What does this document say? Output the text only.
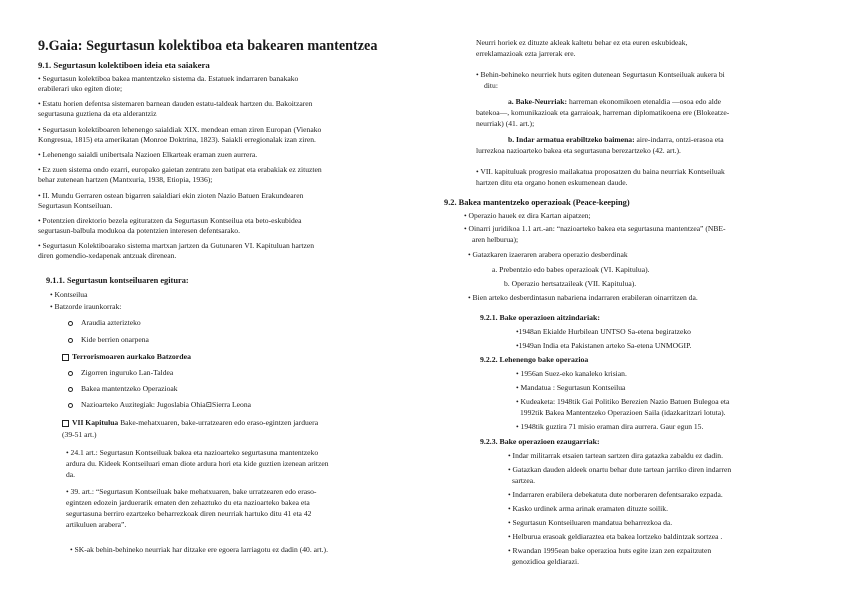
9.Gaia: Segurtasun kolektiboa eta bakearen mantentzea
9.1. Segurtasun kolektiboen ideia eta saiakera
• Segurtasun kolektiboa bakea mantentzeko sistema da. Estatuek indarraren banakako
erabilerari uko egiten diote;
• Estatu horien defentsa sistemaren barnean dauden estatu-taldeak hartzen du. Bakoitzaren
segurtasuna guztiena da eta alderantziz
• Segurtasun kolektiboaren lehenengo saialdiak XIX. mendean eman ziren Europan (Vienako
Kongresua, 1815) eta amerikatan (Monroe Doktrina, 1823). Saiakli erregionalak izan ziren.
• Lehenengo saialdi unibertsala Nazioen Elkarteak eraman zuen aurrera.
• Ez zuen sistema ondo ezarri, europako gaietan zentratu zen batipat eta erabakiak ez zituzten
behar zutenean hartzen (Mantxuria, 1938, Etiopia, 1936);
• II. Mundu Gerraren ostean bigarren saialdiari ekin zioten Nazio Batuen Erakundearen
Segurtasun Kontseiluan.
• Potentzien direktorio bezela egituratzen da Segurtasun Kontseilua eta beto-eskubidea
segurtasun-balbula modukoa da potentzien interesen defentsarako.
• Segurtasun Kolektiboarako sistema martxan jartzen da Gutunaren VI. Kapituluan hartzen
diren gomendio-xedapenak antzuak direnean.
9.1.1. Segurtasun kontseiluaren egitura:
• Kontseilua
• Batzorde iraunkorrak:
Araudia azterizteko
Kide berrien onarpena
Terrorismoaren aurkako Batzordea
Zigorren inguruko Lan-Taldea
Bakea mantentzeko Operazioak
Nazioarteko Auzitegiak: Jugoslabia Ohia⊡Sierra Leona
VII Kapitulua Bake-mehatxuaren, bake-urratzearen edo eraso-egintzen jarduera
(39-51 art.)
• 24.1 art.: Segurtasun Kontseiluak bakea eta nazioarteko segurtasuna mantentzeko
ardura du. Kideek Kontseiluari eman diote ardura hori eta kide guztien izenean aritzen
da.
• 39. art.: “Segurtasun Kontseiluak bake mehatxuaren, bake urratzearen edo eraso-
egintzen edozein jarduerarik ematen den zehaztuko du eta nazioarteko bakea eta
segurtasuna berriro ezartzeko beharrezkoak diren neurriak hartuko ditu 41 eta 42
artikuluen arabera”.
• SK-ak behin-behineko neurriak har ditzake ere egoera larriagotu ez dadin (40. art.).
Neurri horiek ez dituzte akleak kaltetu behar ez eta euren eskubideak,
erreklamazioak ezta jarrerak ere.
• Behin-behineko neurriek huts egiten dutenean Segurtasun Kontseiluak aukera bi
ditu:
a. Bake-Neurriak: harreman ekonomikoen etenaldia —osoa edo alde
batekoa—, komunikazioak eta garraioak, harreman diplomatikoena ere (Blokeatze-
neurriak) (41. art.);
b. Indar armatua erabiltzeko baimena: aire-indarra, ontzi-erasoa eta
lurrezkoa nazioarteko bakea eta segurtasuna berezartzeko (42. art.).
• VII. kapituluak progresio mailakatua proposatzen du baina neurriak Kontseiluak
hartzen ditu eta organo honen eskumenean daude.
9.2. Bakea mantentzeko operazioak (Peace-keeping)
• Operazio hauek ez dira Kartan aipatzen;
• Oinarri juridikoa 1.1 art.-an: “nazioarteko bakea eta segurtasuna mantentzea” (NBE-
aren helburua);
• Gatazkaren izaeraren arabera operazio desberdinak
a. Prebentzio edo babes operazioak (VI. Kapitulua).
b. Operazio hertsatzaileak (VII. Kapitulua).
• Bien arteko desberdintasun nabariena indarraren erabileran oinarritzen da.
9.2.1. Bake operazioen aitzindariak:
•1948an Ekialde Hurbilean UNTSO Sa-etena begiratzeko
•1949an India eta Pakistanen arteko Sa-etena UNMOGIP.
9.2.2. Lehenengo bake operazioa
• 1956an Suez-eko kanaleko krisian.
• Mandatua : Segurtasun Kontseilua
• Kudeaketa: 1948tik Gai Politiko Berezien Nazio Batuen Bulegoa eta
1992tik Bakea Mantentzeko Operazioen Saila (idazkaritzari lotuta).
• 1948tik guztira 71 misio eraman dira aurrera. Gaur egun 15.
9.2.3. Bake operazioen ezaugarriak:
• Indar militarrak etsaien tartean sartzen dira gatazka zabaldu ez dadin.
• Gatazkan dauden aldeek onartu behar dute tartean jarriko diren indarren
sartzea.
• Indarraren erabilera debekatuta dute norberaren defentsarako ezpada.
• Kasko urdinek arma arinak eramaten dituzte soilik.
• Segurtasun Kontseiluaren mandatua beharrezkoa da.
• Helburua erasoak geldiaraztea eta bakea lortzeko baldintzak sortzea .
• Rwandan 1995ean bake operazioa huts egite izan zen ezpaitzuten
genozidioa geldiarazi.
